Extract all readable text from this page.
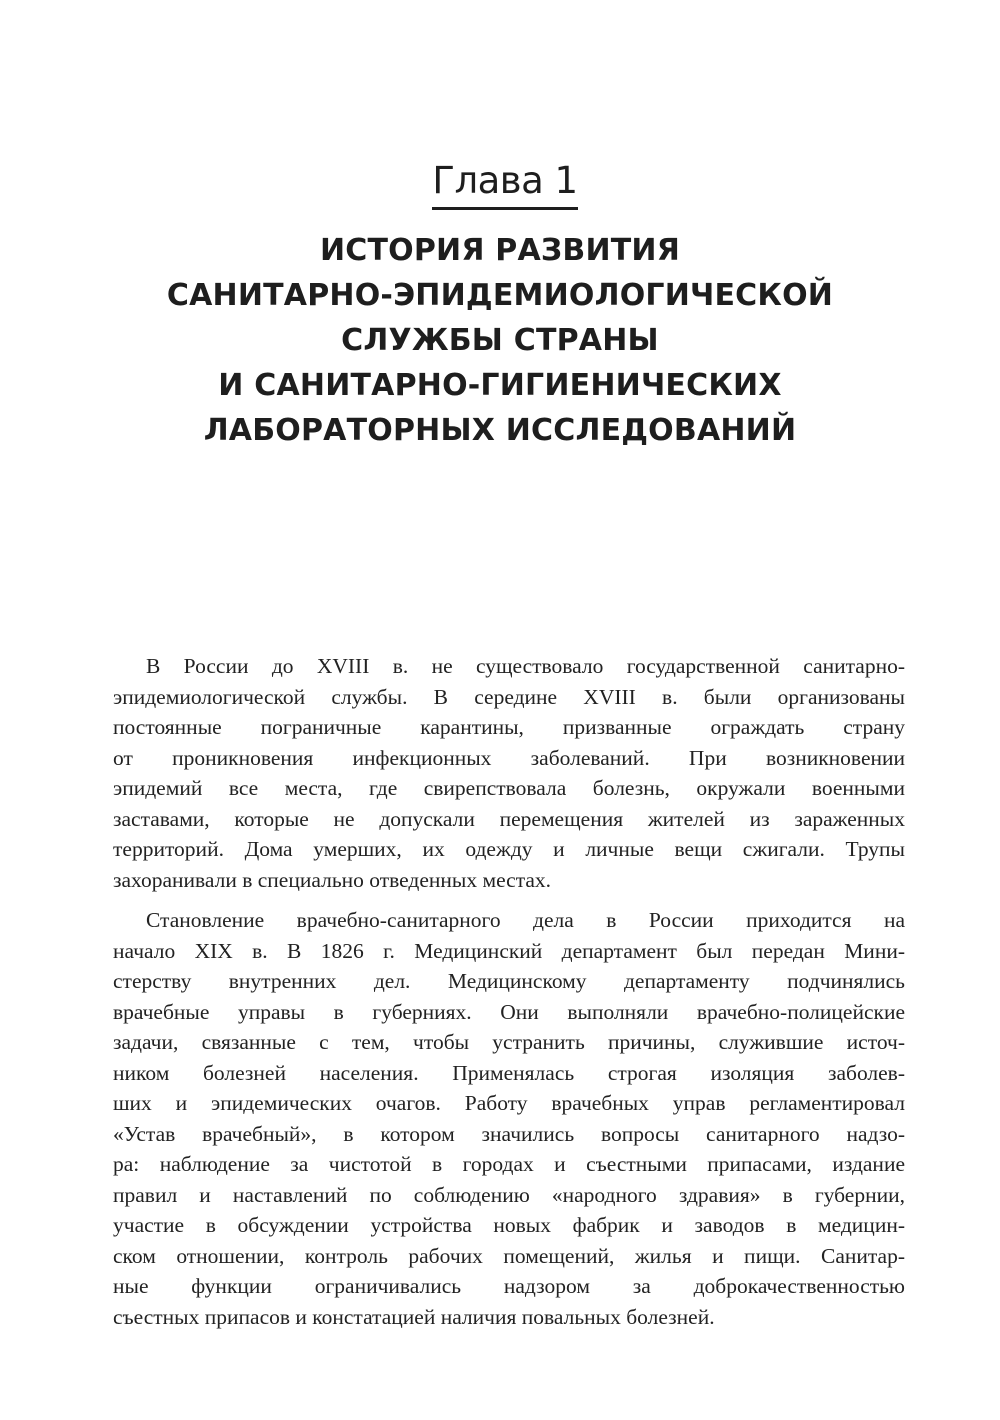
Глава 1
ИСТОРИЯ РАЗВИТИЯ
САНИТАРНО-ЭПИДЕМИОЛОГИЧЕСКОЙ
СЛУЖБЫ СТРАНЫ
И САНИТАРНО-ГИГИЕНИЧЕСКИХ
ЛАБОРАТОРНЫХ ИССЛЕДОВАНИЙ

В России до XVIII в. не существовало государственной санитарно-
эпидемиологической службы. В середине XVIII в. были организованы
постоянные пограничные карантины, призванные ограждать страну
от проникновения инфекционных заболеваний. При возникновении
эпидемий все места, где свирепствовала болезнь, окружали военными
заставами, которые не допускали перемещения жителей из зараженных
территорий. Дома умерших, их одежду и личные вещи сжигали. Трупы
захоранивали в специально отведенных местах.

Становление врачебно-санитарного дела в России приходится на
начало XIX в. В 1826 г. Медицинский департамент был передан Мини-
стерству внутренних дел. Медицинскому департаменту подчинялись
врачебные управы в губерниях. Они выполняли врачебно-полицейские
задачи, связанные с тем, чтобы устранить причины, служившие источ-
ником болезней населения. Применялась строгая изоляция заболев-
ших и эпидемических очагов. Работу врачебных управ регламентировал
«Устав врачебный», в котором значились вопросы санитарного надзо-
ра: наблюдение за чистотой в городах и съестными припасами, издание
правил и наставлений по соблюдению «народного здравия» в губернии,
участие в обсуждении устройства новых фабрик и заводов в медицин-
ском отношении, контроль рабочих помещений, жилья и пищи. Санитар-
ные функции ограничивались надзором за доброкачественностью
съестных припасов и констатацией наличия повальных болезней.
